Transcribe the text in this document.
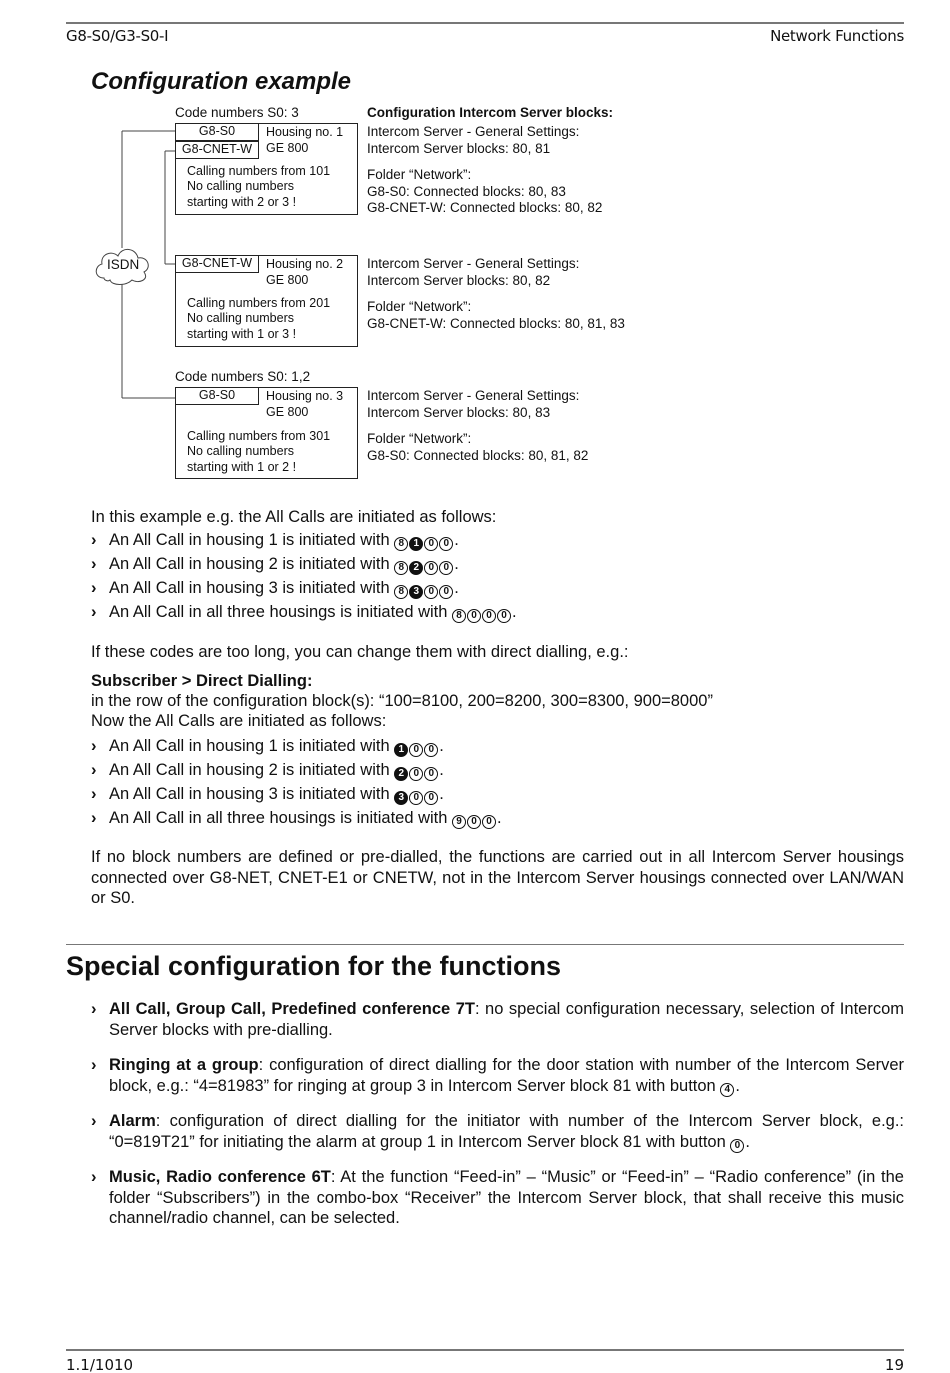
G8-S0/G3-S0-I	Network Functions
Configuration example
ISDN
Code numbers S0: 3
G8-S0
G8-CNET-W
Housing no. 1
GE 800
Calling numbers from 101
No calling numbers
starting with 2 or 3 !
Configuration Intercom Server blocks:
Intercom Server - General Settings:
Intercom Server blocks: 80, 81
Folder “Network”:
G8-S0: Connected blocks: 80, 83
G8-CNET-W: Connected blocks: 80, 82
G8-CNET-W	Housing no. 2
GE 800
Calling numbers from 201
No calling numbers
starting with 1 or 3 !
Intercom Server - General Settings:
Intercom Server blocks: 80, 82
Folder “Network”:
G8-CNET-W: Connected blocks: 80, 81, 83
Code numbers S0: 1,2
G8-S0	Housing no. 3
GE 800
Calling numbers from 301
No calling numbers
starting with 1 or 2 !
Intercom Server - General Settings:
Intercom Server blocks: 80, 83
Folder “Network”:
G8-S0: Connected blocks: 80, 81, 82
In this example e.g. the All Calls are initiated as follows:
› An All Call in housing 1 is initiated with 8 1 0 0 .
› An All Call in housing 2 is initiated with 8 2 0 0 .
› An All Call in housing 3 is initiated with 8 3 0 0 .
› An All Call in all three housings is initiated with 8 0 0 0 .
If these codes are too long, you can change them with direct dialling, e.g.:
Subscriber > Direct Dialling:
in the row of the configuration block(s): “100=8100, 200=8200, 300=8300, 900=8000”
Now the All Calls are initiated as follows:
› An All Call in housing 1 is initiated with 1 0 0 .
› An All Call in housing 2 is initiated with 2 0 0 .
› An All Call in housing 3 is initiated with 3 0 0 .
› An All Call in all three housings is initiated with 9 0 0 .
If no block numbers are defined or pre-dialled, the functions are carried out in all Intercom Server housings connected over G8-NET, CNET-E1 or CNETW, not in the Intercom Server housings connected over LAN/WAN or S0.
Special configuration for the functions
› All Call, Group Call, Predefined conference 7T: no special configuration necessary, selection of Intercom Server blocks with pre-dialling.
› Ringing at a group: configuration of direct dialling for the door station with number of the Intercom Server block, e.g.: “4=81983” for ringing at group 3 in Intercom Server block 81 with button 4 .
› Alarm: configuration of direct dialling for the initiator with number of the Intercom Server block, e.g.: “0=819T21” for initiating the alarm at group 1 in Intercom Server block 81 with button 0 .
› Music, Radio conference 6T: At the function “Feed-in” – “Music” or “Feed-in” – “Radio conference” (in the folder “Subscribers”) in the combo-box “Receiver” the Intercom Server block, that shall receive this music channel/radio channel, can be selected.
1.1/1010	19
